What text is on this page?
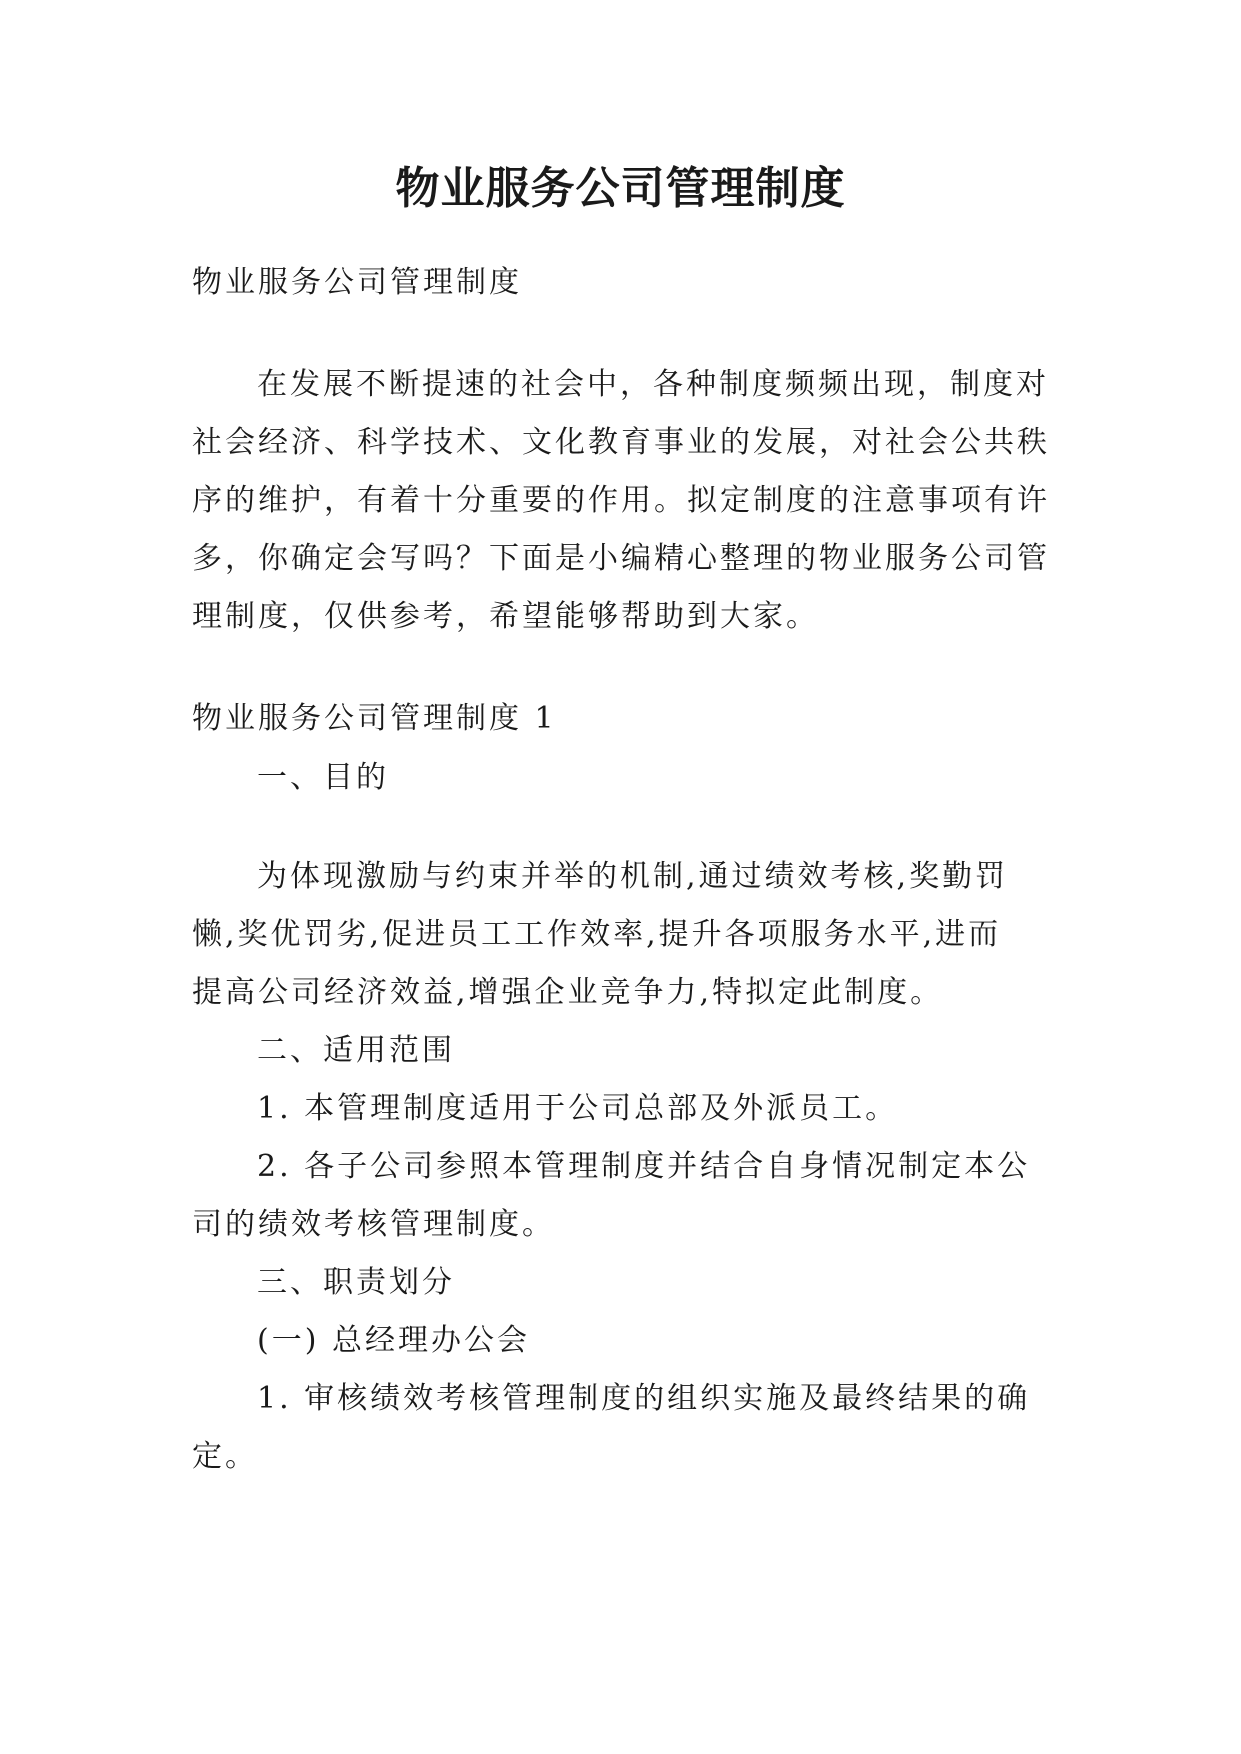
物业服务公司管理制度
物业服务公司管理制度
在发展不断提速的社会中，各种制度频频出现，制度对
社会经济、科学技术、文化教育事业的发展，对社会公共秩
序的维护，有着十分重要的作用。拟定制度的注意事项有许
多，你确定会写吗？下面是小编精心整理的物业服务公司管
理制度，仅供参考，希望能够帮助到大家。
物业服务公司管理制度 1
一、目的
为体现激励与约束并举的机制,通过绩效考核,奖勤罚
懒,奖优罚劣,促进员工工作效率,提升各项服务水平,进而
提高公司经济效益,增强企业竞争力,特拟定此制度。
二、适用范围
1. 本管理制度适用于公司总部及外派员工。
2. 各子公司参照本管理制度并结合自身情况制定本公
司的绩效考核管理制度。
三、职责划分
(一) 总经理办公会
1. 审核绩效考核管理制度的组织实施及最终结果的确
定。
